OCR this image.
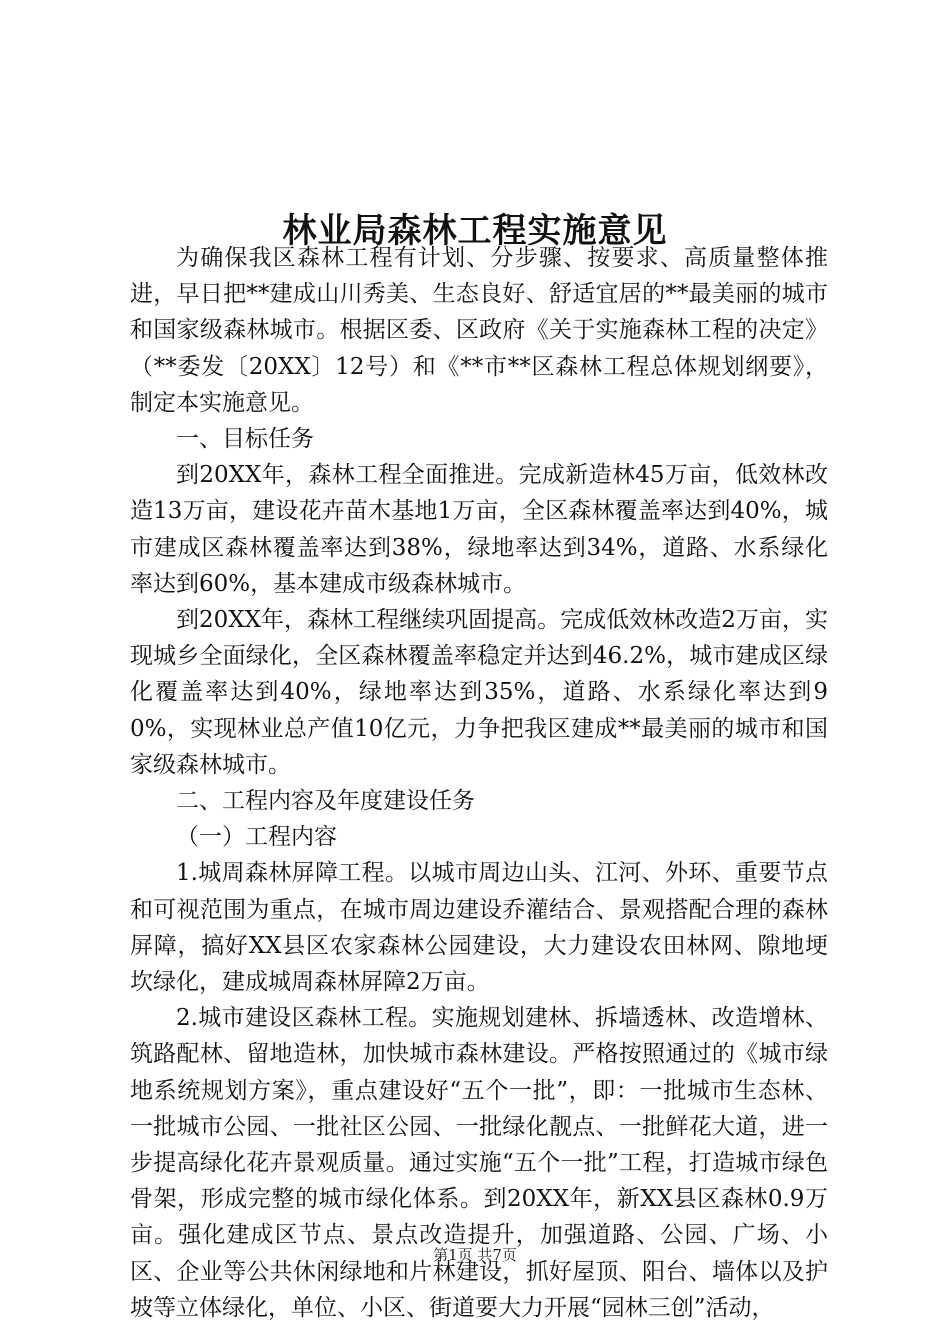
林业局森林工程实施意见

为确保我区森林工程有计划、分步骤、按要求、高质量整体推进，早日把**建成山川秀美、生态良好、舒适宜居的**最美丽的城市和国家级森林城市。根据区委、区政府《关于实施森林工程的决定》（**委发〔20XX〕12号）和《**市**区森林工程总体规划纲要》，制定本实施意见。

一、目标任务

到20XX年，森林工程全面推进。完成新造林45万亩，低效林改造13万亩，建设花卉苗木基地1万亩，全区森林覆盖率达到40%，城市建成区森林覆盖率达到38%，绿地率达到34%，道路、水系绿化率达到60%，基本建成市级森林城市。

到20XX年，森林工程继续巩固提高。完成低效林改造2万亩，实现城乡全面绿化，全区森林覆盖率稳定并达到46.2%，城市建成区绿化覆盖率达到40%，绿地率达到35%，道路、水系绿化率达到90%，实现林业总产值10亿元，力争把我区建成**最美丽的城市和国家级森林城市。

二、工程内容及年度建设任务

（一）工程内容

1.城周森林屏障工程。以城市周边山头、江河、外环、重要节点和可视范围为重点，在城市周边建设乔灌结合、景观搭配合理的森林屏障，搞好XX县区农家森林公园建设，大力建设农田林网、隙地埂坎绿化，建成城周森林屏障2万亩。

2.城市建设区森林工程。实施规划建林、拆墙透林、改造增林、筑路配林、留地造林，加快城市森林建设。严格按照通过的《城市绿地系统规划方案》，重点建设好“五个一批”，即：一批城市生态林、一批城市公园、一批社区公园、一批绿化靓点、一批鲜花大道，进一步提高绿化花卉景观质量。通过实施“五个一批”工程，打造城市绿色骨架，形成完整的城市绿化体系。到20XX年，新XX县区森林0.9万亩。强化建成区节点、景点改造提升，加强道路、公园、广场、小区、企业等公共休闲绿地和片林建设，抓好屋顶、阳台、墙体以及护坡等立体绿化，单位、小区、街道要大力开展“园林三创”活动，

第1页 共7页
